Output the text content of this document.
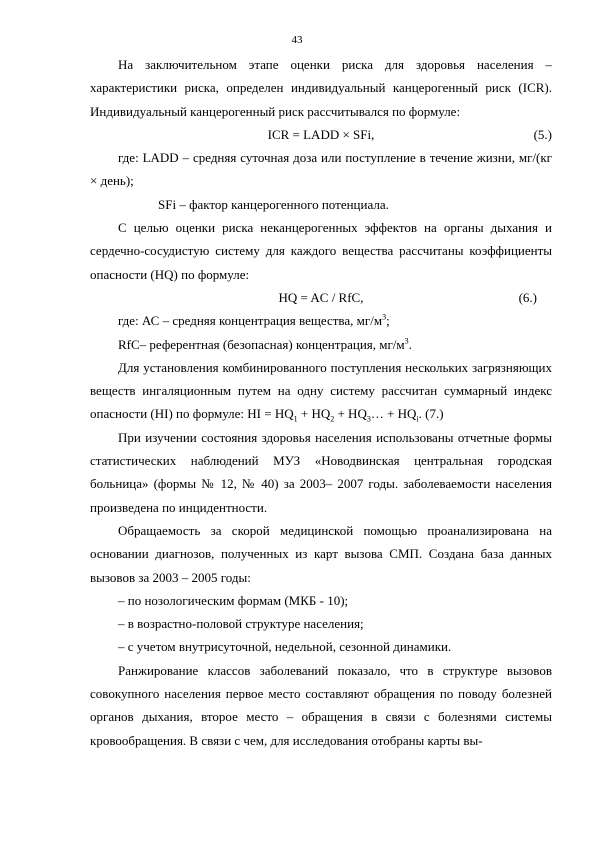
43

На заключительном этапе оценки риска для здоровья населения – характеристики риска, определен индивидуальный канцерогенный риск (ICR). Индивидуальный канцерогенный риск рассчитывался по формуле:

ICR = LADD × SFi,	(5.)

где: LADD – средняя суточная доза или поступление в течение жизни, мг/(кг × день);

SFi – фактор канцерогенного потенциала.

С целью оценки риска неканцерогенных эффектов на органы дыхания и сердечно-сосудистую систему для каждого вещества рассчитаны коэффициенты опасности (HQ) по формуле:

HQ = AC / RfC,	(6.)

где: АС – средняя концентрация вещества, $мг/м^3$;

RfC– референтная (безопасная) концентрация, $мг/м^3$.

Для установления комбинированного поступления нескольких загрязняющих веществ ингаляционным путем на одну систему рассчитан суммарный индекс опасности (HI) по формуле: HI = $HQ_1 + HQ_2$ + $HQ_3\dots + HQ_i$. (7.)

При изучении состояния здоровья населения использованы отчетные формы статистических наблюдений МУЗ «Новодвинская центральная городская больница» (формы № 12, № 40) за 2003– 2007 годы. заболеваемости населения произведена по инцидентности.

Обращаемость за скорой медицинской помощью проанализирована на основании диагнозов, полученных из карт вызова СМП. Создана база данных вызовов за 2003 – 2005 годы:

– по нозологическим формам (МКБ - 10);

– в возрастно-половой структуре населения;

– с учетом внутрисуточной, недельной, сезонной динамики.

Ранжирование классов заболеваний показало, что в структуре вызовов совокупного населения первое место составляют обращения по поводу болезней органов дыхания, второе место – обращения в связи с болезнями системы кровообращения. В связи с чем, для исследования отобраны карты вы-
